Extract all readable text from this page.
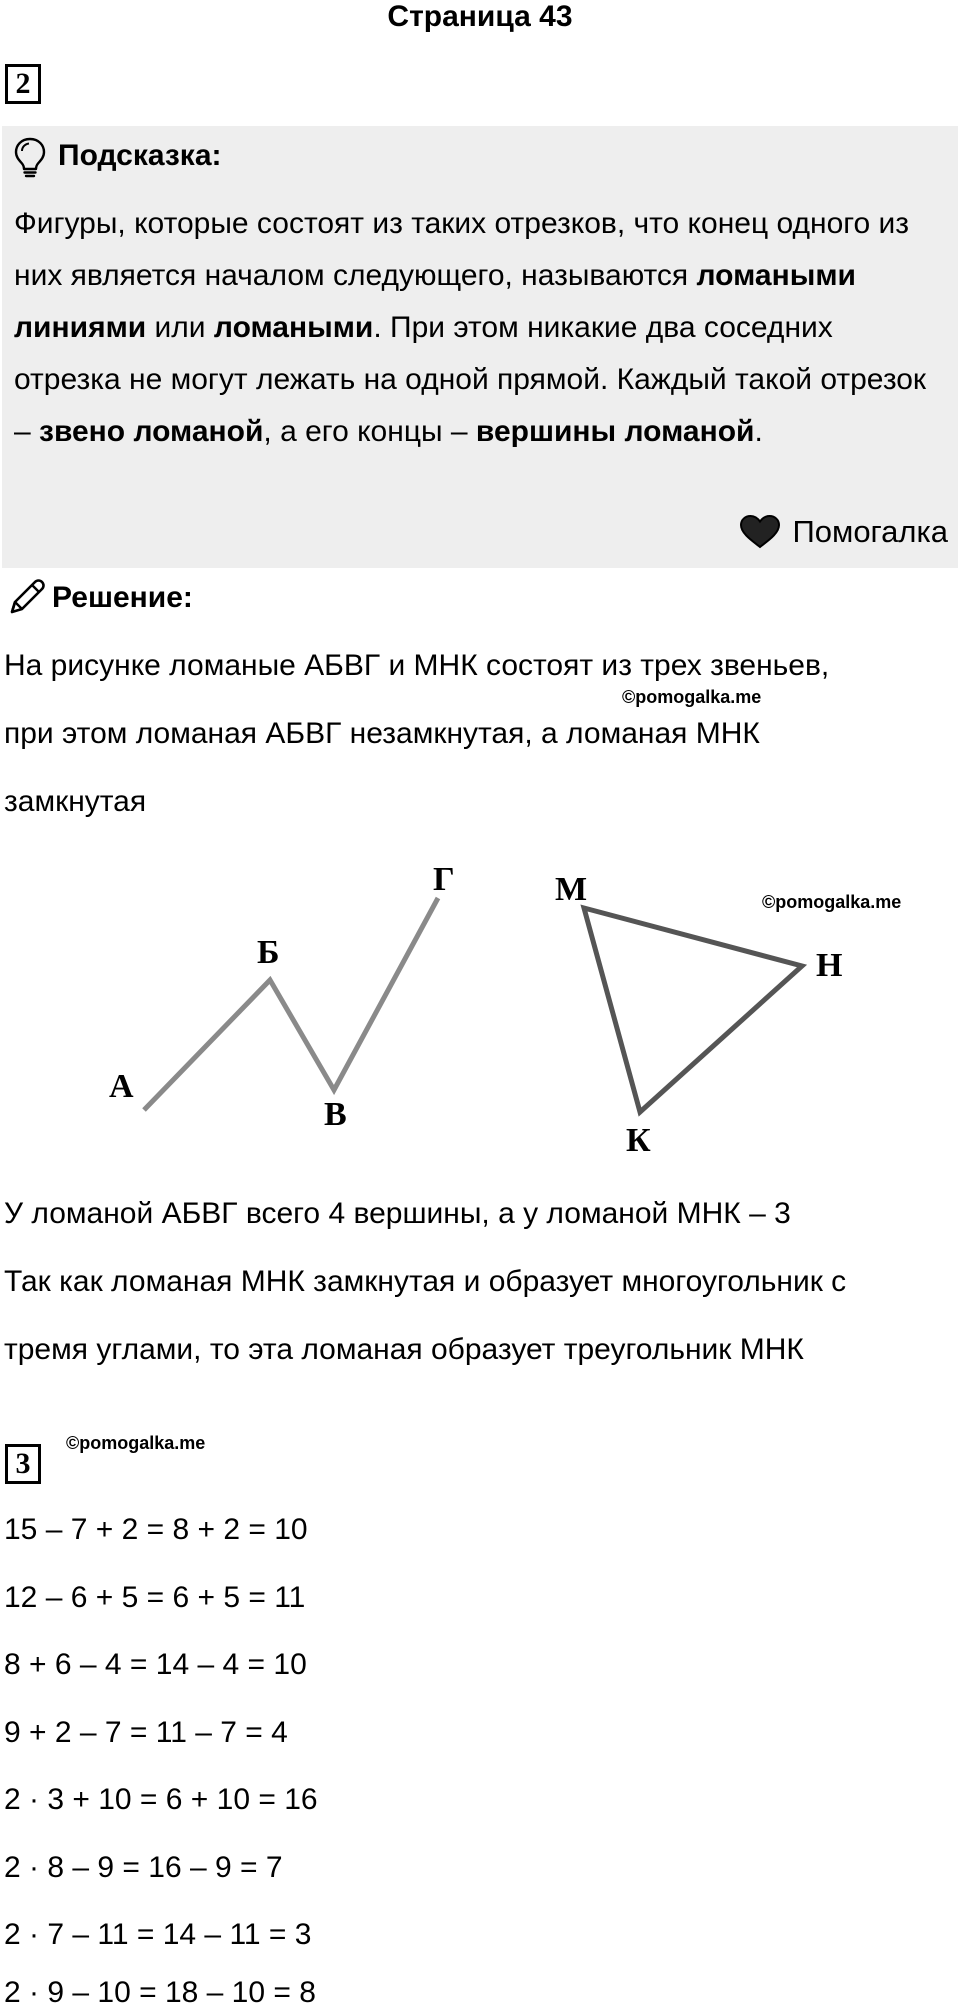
Страница 43
2
Подсказка:
Фигуры, которые состоят из таких отрезков, что конец одного из них является началом следующего, называются ломаными линиями или ломаными. При этом никакие два соседних отрезка не могут лежать на одной прямой. Каждый такой отрезок – звено ломаной, а его концы – вершины ломаной.
Помогалка
Решение:
На рисунке ломаные АБВГ и МНК состоят из трех звеньев,
©pomogalka.me
при этом ломаная АБВГ незамкнутая, а ломаная МНК
замкнутая
А
Б
В
Г	М
Н
К
©pomogalka.me
У ломаной АБВГ всего 4 вершины, а у ломаной МНК – 3
Так как ломаная МНК замкнутая и образует многоугольник с
тремя углами, то эта ломаная образует треугольник МНК
3
©pomogalka.me
15 – 7 + 2 = 8 + 2 = 10
12 – 6 + 5 = 6 + 5 = 11
8 + 6 – 4 = 14 – 4 = 10
9 + 2 – 7 = 11 – 7 = 4
2 · 3 + 10 = 6 + 10 = 16
2 · 8 – 9 = 16 – 9 = 7
2 · 7 – 11 = 14 – 11 = 3
2 · 9 – 10 = 18 – 10 = 8
